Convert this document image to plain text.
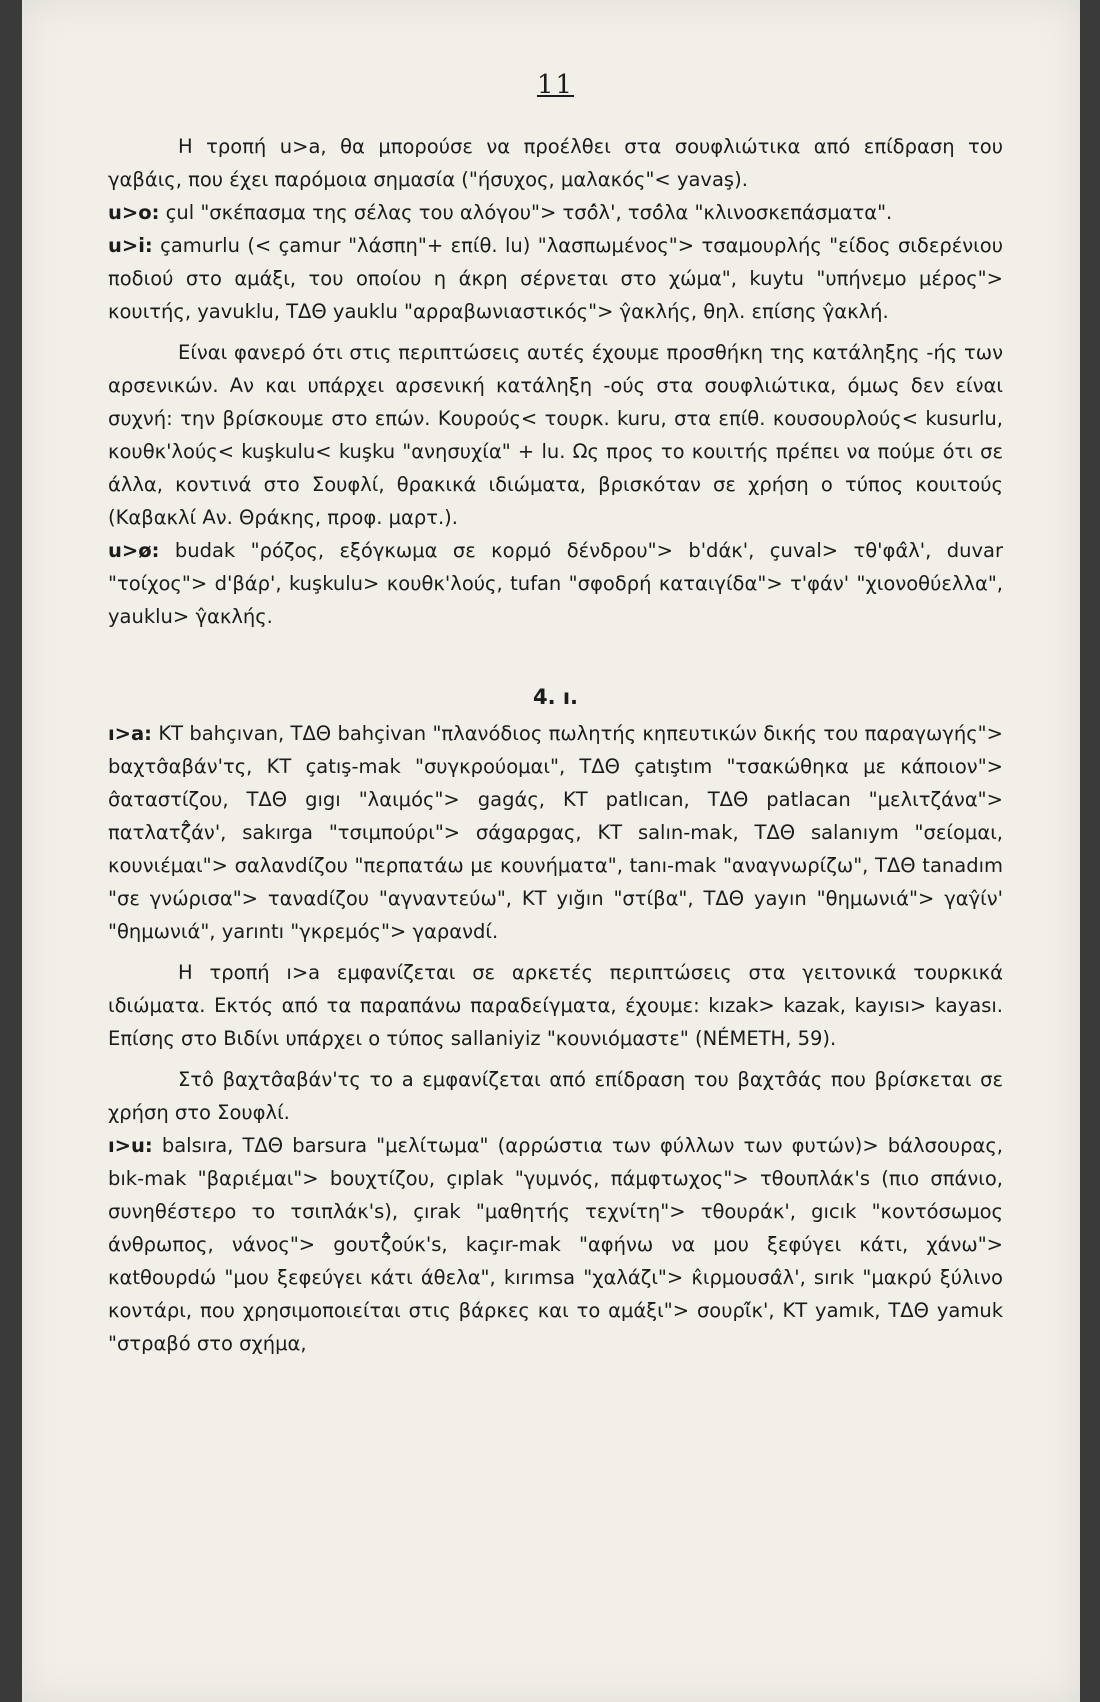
11

Η τροπή u>a, θα μπορούσε να προέλθει στα σουφλιώτικα από επίδραση του γαβάις, που έχει παρόμοια σημασία ("ήσυχος, μαλακός"< yavaş).

u>o: çul "σκέπασμα της σέλας του αλόγου"> τσό̂λ', τσό̂λα "κλινοσκεπάσματα".

u>i: çamurlu (< çamur "λάσπη"+ επίθ. lu) "λασπωμένος"> τσαμουρλής "είδος σιδερένιου ποδιού στο αμάξι, του οποίου η άκρη σέρνεται στο χώμα", kuytu "υπήνεμο μέρος"> κουιτής, yavuklu, ΤΔΘ yauklu "αρραβωνιαστικός"> γ̂ακλής, θηλ. επίσης γ̂ακλή.

Είναι φανερό ότι στις περιπτώσεις αυτές έχουμε προσθήκη της κατάληξης -ής των αρσενικών. Αν και υπάρχει αρσενική κατάληξη -ούς στα σουφλιώτικα, όμως δεν είναι συχνή: την βρίσκουμε στο επών. Κουρούς< τουρκ. kuru, στα επίθ. κουσουρλούς< kusurlu, κουθκ'λούς< kuşkulu< kuşku "ανησυχία" + lu. Ως προς το κουιτής πρέπει να πούμε ότι σε άλλα, κοντινά στο Σουφλί, θρακικά ιδιώματα, βρισκόταν σε χρήση ο τύπος κουιτούς (Καβακλί Αν. Θράκης, προφ. μαρτ.).

u>ø: budak "ρόζος, εξόγκωμα σε κορμό δένδρου"> b'dάκ', çuval> τθ'φά̂λ', duvar "τοίχος"> d'βάρ', kuşkulu> κουθκ'λούς, tufan "σφοδρή καταιγίδα"> τ'φάν' "χιονοθύελλα", yauklu> γ̂ακλής.

4. ı.

ı>a: ΚΤ bahçıvan, ΤΔΘ bahçivan "πλανόδιος πωλητής κηπευτικών δικής του παραγωγής"> bαχτσ̂αβάν'τς, ΚΤ çatış-mak "συγκρούομαι", ΤΔΘ çatıştım "τσακώθηκα με κάποιον"> σ̂αταστίζου, ΤΔΘ gıgı "λαιμός"> gagάς, ΚΤ patlıcan, ΤΔΘ patlacan "μελιτζάνα"> πατλατζ̂άν', sakırga "τσιμπούρι"> σάgαρgας, ΚΤ salın-mak, ΤΔΘ salanıym "σείομαι, κουνιέμαι"> σαλανdίζου "περπατάω με κουνήματα", tanı-mak "αναγνωρίζω", ΤΔΘ tanadım "σε γνώρισα"> ταναdίζου "αγναντεύω", ΚΤ yığın "στίβα", ΤΔΘ yayın "θημωνιά"> γαγ̂ίν' "θημωνιά", yarıntı "γκρεμός"> γαρανdί.

Η τροπή ı>a εμφανίζεται σε αρκετές περιπτώσεις στα γειτονικά τουρκικά ιδιώματα. Εκτός από τα παραπάνω παραδείγματα, έχουμε: kızak> kazak, kayısı> kayası. Επίσης στο Βιδίνι υπάρχει ο τύπος sallaniyiz "κουνιόμαστε" (NÉMETH, 59).

Στο̂ βαχτσ̂αβάν'τς το a εμφανίζεται από επίδραση του βαχτσ̂άς που βρίσκεται σε χρήση στο Σουφλί.

ı>u: balsıra, ΤΔΘ barsura "μελίτωμα" (αρρώστια των φύλλων των φυτών)> bάλσουρας, bık-mak "βαριέμαι"> bουχτίζου, çıplak "γυμνός, πάμφτωχος"> τθουπλάκ's (πιο σπάνιο, συνηθέστερο το τσιπλάκ's), çırak "μαθητής τεχνίτη"> τθουράκ', gıcık "κοντόσωμος άνθρωπος, νάνος"> gουτζ̂ούκ's, kaçır-mak "αφήνω να μου ξεφύγει κάτι, χάνω"> καtθουρdώ "μου ξεφεύγει κάτι άθελα", kırımsa "χαλάζι"> κ̂ιρμουσά̂λ', sırık "μακρύ ξύλινο κοντάρι, που χρησιμοποιείται στις βάρκες και το αμάξι"> σουρί̂κ', ΚΤ yamık, ΤΔΘ yamuk "στραβό στο σχήμα,
